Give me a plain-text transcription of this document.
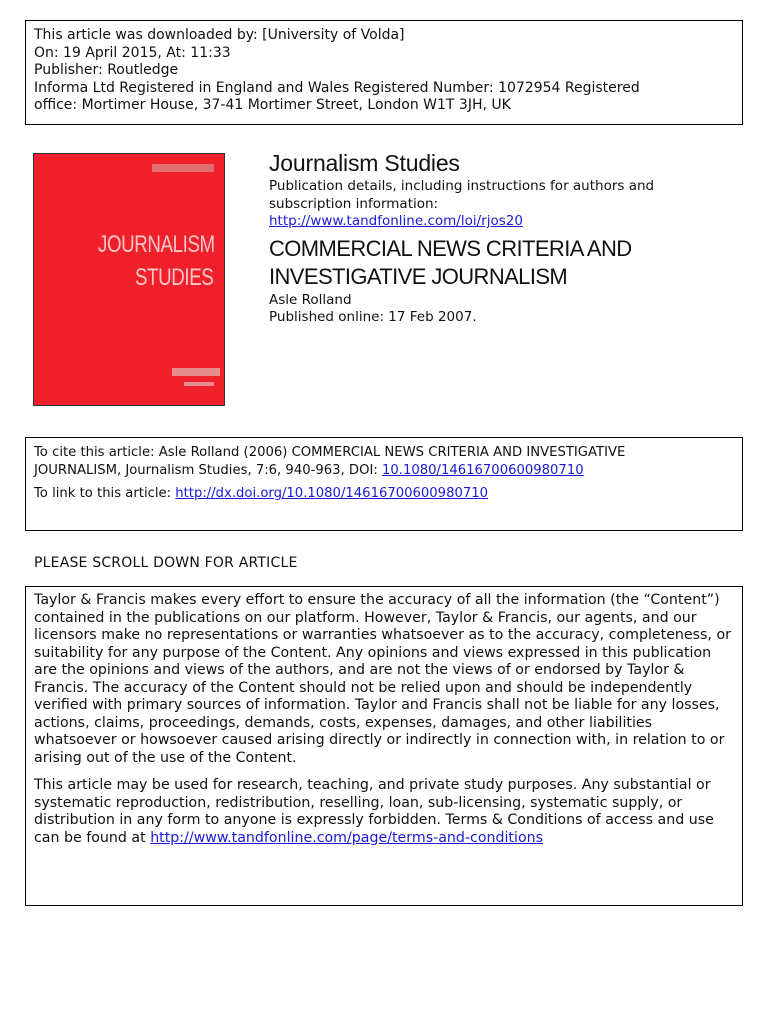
This article was downloaded by: [University of Volda]
On: 19 April 2015, At: 11:33
Publisher: Routledge
Informa Ltd Registered in England and Wales Registered Number: 1072954 Registered
office: Mortimer House, 37-41 Mortimer Street, London W1T 3JH, UK
JOURNALISM
STUDIES
Journalism Studies
Publication details, including instructions for authors and
subscription information:
http://www.tandfonline.com/loi/rjos20
COMMERCIAL NEWS CRITERIA AND
INVESTIGATIVE JOURNALISM
Asle Rolland
Published online: 17 Feb 2007.
To cite this article: Asle Rolland (2006) COMMERCIAL NEWS CRITERIA AND INVESTIGATIVE
JOURNALISM, Journalism Studies, 7:6, 940-963, DOI: 10.1080/14616700600980710
To link to this article: http://dx.doi.org/10.1080/14616700600980710
PLEASE SCROLL DOWN FOR ARTICLE

Taylor & Francis makes every effort to ensure the accuracy of all the information (the “Content”) contained in the publications on our platform. However, Taylor & Francis, our agents, and our licensors make no representations or warranties whatsoever as to the accuracy, completeness, or suitability for any purpose of the Content. Any opinions and views expressed in this publication are the opinions and views of the authors, and are not the views of or endorsed by Taylor & Francis. The accuracy of the Content should not be relied upon and should be independently verified with primary sources of information. Taylor and Francis shall not be liable for any losses, actions, claims, proceedings, demands, costs, expenses, damages, and other liabilities whatsoever or howsoever caused arising directly or indirectly in connection with, in relation to or arising out of the use of the Content.

This article may be used for research, teaching, and private study purposes. Any substantial or systematic reproduction, redistribution, reselling, loan, sub-licensing, systematic supply, or distribution in any form to anyone is expressly forbidden. Terms & Conditions of access and use can be found at http://www.tandfonline.com/page/terms-and-conditions
